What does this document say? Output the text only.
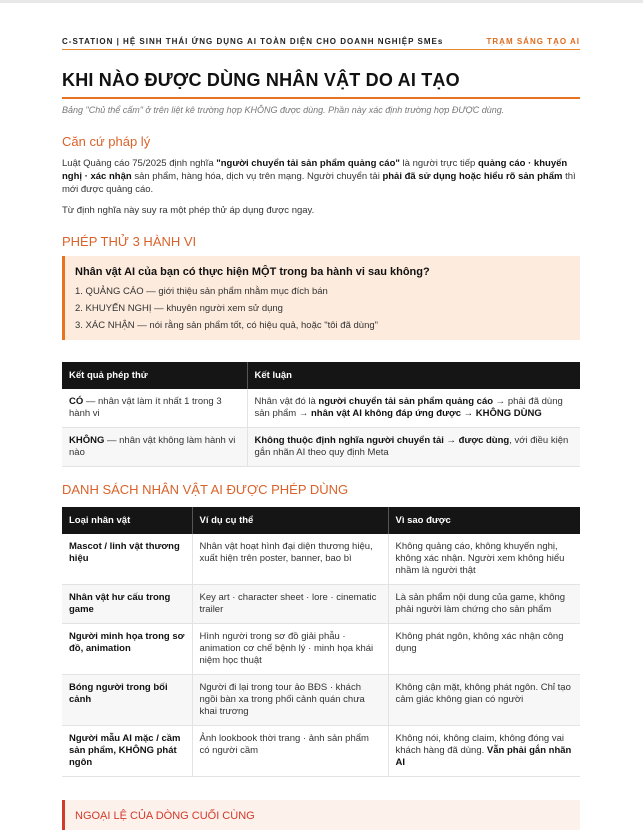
C-STATION | HỆ SINH THÁI ỨNG DỤNG AI TOÀN DIỆN CHO DOANH NGHIỆP SMEs	TRẠM SÁNG TẠO AI
KHI NÀO ĐƯỢC DÙNG NHÂN VẬT DO AI TẠO
Bảng "Chủ thể cấm" ở trên liệt kê trường hợp KHÔNG được dùng. Phần này xác định trường hợp ĐƯỢC dùng.
Căn cứ pháp lý

Luật Quảng cáo 75/2025 định nghĩa "người chuyển tải sản phẩm quảng cáo" là người trực tiếp quảng cáo · khuyến nghị · xác nhận sản phẩm, hàng hóa, dịch vụ trên mạng. Người chuyển tải phải đã sử dụng hoặc hiểu rõ sản phẩm thì mới được quảng cáo.

Từ định nghĩa này suy ra một phép thử áp dụng được ngay.

PHÉP THỬ 3 HÀNH VI
Nhân vật AI của bạn có thực hiện MỘT trong ba hành vi sau không?
1. QUẢNG CÁO — giới thiệu sản phẩm nhằm mục đích bán
2. KHUYẾN NGHỊ — khuyên người xem sử dụng
3. XÁC NHẬN — nói rằng sản phẩm tốt, có hiệu quả, hoặc "tôi đã dùng"
Kết quả phép thử	Kết luận
CÓ — nhân vật làm ít nhất 1 trong 3 hành vi	Nhân vật đó là người chuyển tải sản phẩm quảng cáo → phải đã dùng sản phẩm → nhân vật AI không đáp ứng được → KHÔNG DÙNG
KHÔNG — nhân vật không làm hành vi nào	Không thuộc định nghĩa người chuyển tải → được dùng, với điều kiện gắn nhãn AI theo quy định Meta
DANH SÁCH NHÂN VẬT AI ĐƯỢC PHÉP DÙNG
Loại nhân vật	Ví dụ cụ thể	Vì sao được
Mascot / linh vật thương hiệu	Nhân vật hoạt hình đại diện thương hiệu, xuất hiện trên poster, banner, bao bì	Không quảng cáo, không khuyến nghị, không xác nhận. Người xem không hiểu nhầm là người thật
Nhân vật hư cấu trong game	Key art · character sheet · lore · cinematic trailer	Là sản phẩm nội dung của game, không phải người làm chứng cho sản phẩm
Người minh họa trong sơ đồ, animation	Hình người trong sơ đồ giải phẫu · animation cơ chế bệnh lý · minh họa khái niệm học thuật	Không phát ngôn, không xác nhận công dụng
Bóng người trong bối cảnh	Người đi lại trong tour ảo BĐS · khách ngồi bàn xa trong phối cảnh quán chưa khai trương	Không cận mặt, không phát ngôn. Chỉ tạo cảm giác không gian có người
Người mẫu AI mặc / cầm sản phẩm, KHÔNG phát ngôn	Ảnh lookbook thời trang · ảnh sản phẩm có người cầm	Không nói, không claim, không đóng vai khách hàng đã dùng. Vẫn phải gắn nhãn AI
NGOẠI LỆ CỦA DÒNG CUỐI CÙNG
